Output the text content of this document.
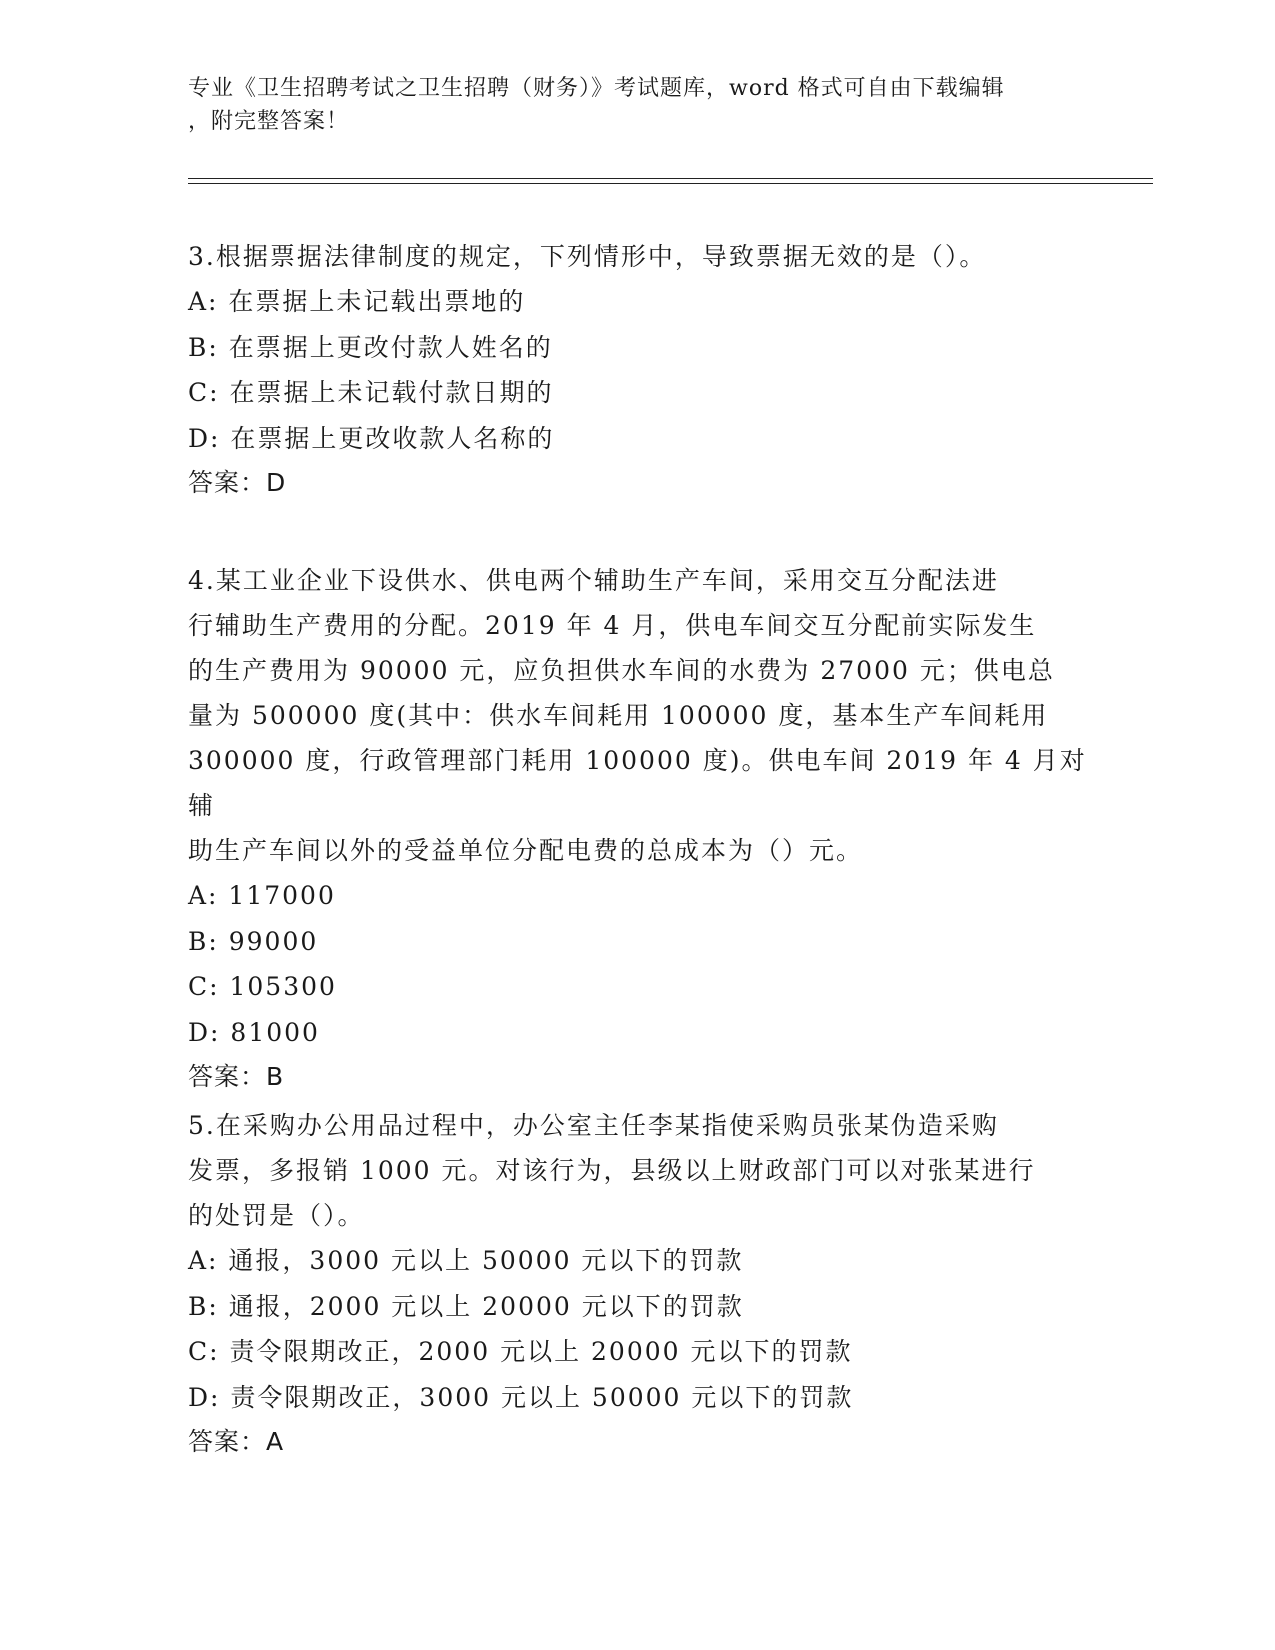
专业《卫生招聘考试之卫生招聘（财务）》考试题库，word 格式可自由下载编辑
，附完整答案！
3.根据票据法律制度的规定，下列情形中，导致票据无效的是（）。
A: 在票据上未记载出票地的
B: 在票据上更改付款人姓名的
C: 在票据上未记载付款日期的
D: 在票据上更改收款人名称的
答案：D
4.某工业企业下设供水、供电两个辅助生产车间，采用交互分配法进
行辅助生产费用的分配。2019 年 4 月，供电车间交互分配前实际发生
的生产费用为 90000 元，应负担供水车间的水费为 27000 元；供电总
量为 500000 度(其中：供水车间耗用 100000 度，基本生产车间耗用
300000 度，行政管理部门耗用 100000 度)。供电车间 2019 年 4 月对辅
助生产车间以外的受益单位分配电费的总成本为（）元。
A: 117000
B: 99000
C: 105300
D: 81000
答案：B
5.在采购办公用品过程中，办公室主任李某指使采购员张某伪造采购
发票，多报销 1000 元。对该行为，县级以上财政部门可以对张某进行
的处罚是（）。
A: 通报，3000 元以上 50000 元以下的罚款
B: 通报，2000 元以上 20000 元以下的罚款
C: 责令限期改正，2000 元以上 20000 元以下的罚款
D: 责令限期改正，3000 元以上 50000 元以下的罚款
答案：A
